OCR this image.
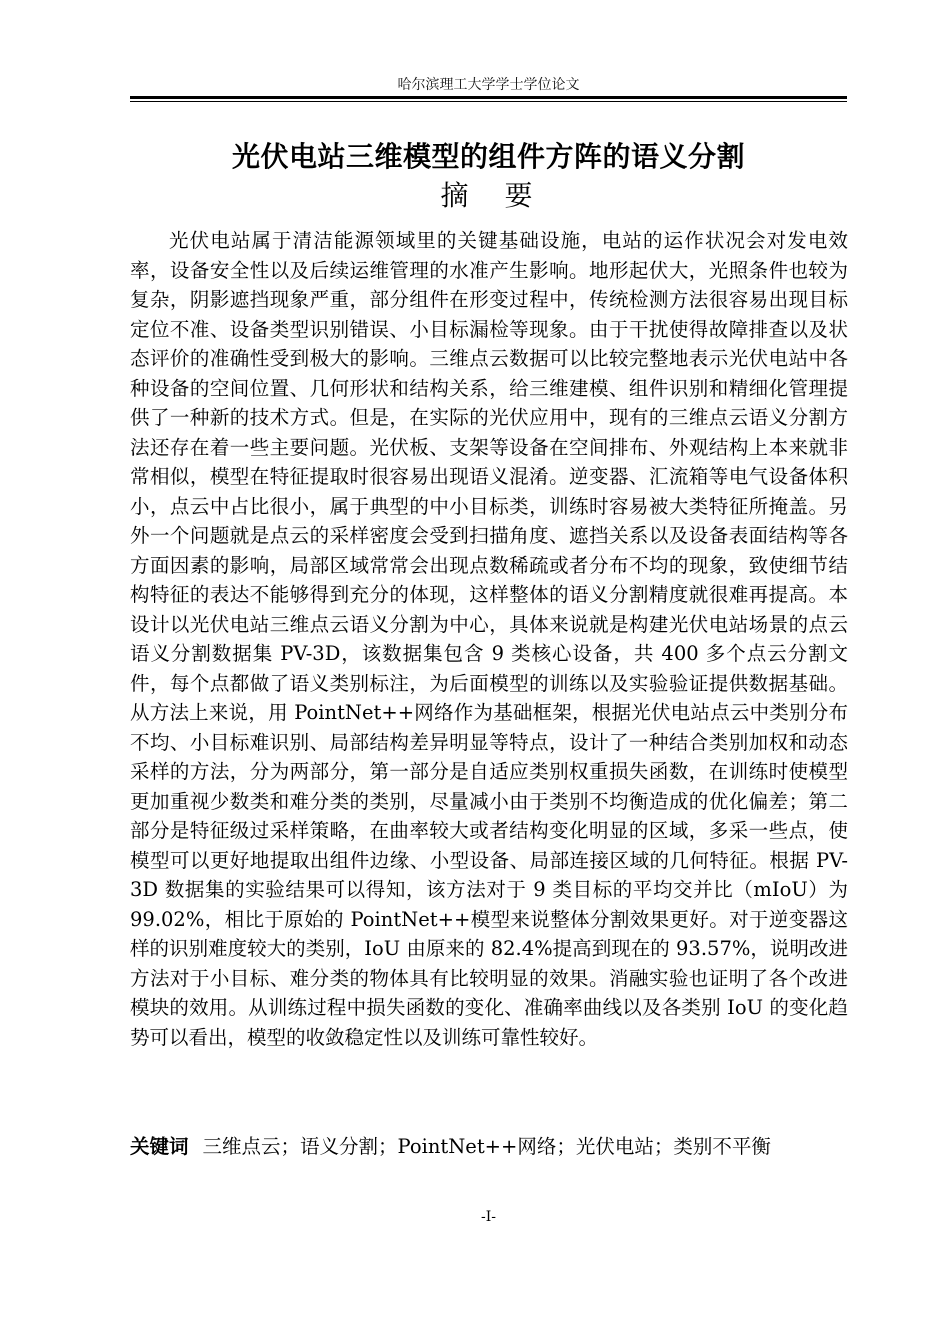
哈尔滨理工大学学士学位论文
光伏电站三维模型的组件方阵的语义分割
摘　要

光伏电站属于清洁能源领域里的关键基础设施，电站的运作状况会对发电效率，设备安全性以及后续运维管理的水准产生影响。地形起伏大，光照条件也较为复杂，阴影遮挡现象严重，部分组件在形变过程中，传统检测方法很容易出现目标定位不准、设备类型识别错误、小目标漏检等现象。由于干扰使得故障排查以及状态评价的准确性受到极大的影响。三维点云数据可以比较完整地表示光伏电站中各种设备的空间位置、几何形状和结构关系，给三维建模、组件识别和精细化管理提供了一种新的技术方式。但是，在实际的光伏应用中，现有的三维点云语义分割方法还存在着一些主要问题。光伏板、支架等设备在空间排布、外观结构上本来就非常相似，模型在特征提取时很容易出现语义混淆。逆变器、汇流箱等电气设备体积小，点云中占比很小，属于典型的中小目标类，训练时容易被大类特征所掩盖。另外一个问题就是点云的采样密度会受到扫描角度、遮挡关系以及设备表面结构等各方面因素的影响，局部区域常常会出现点数稀疏或者分布不均的现象，致使细节结构特征的表达不能够得到充分的体现，这样整体的语义分割精度就很难再提高。本设计以光伏电站三维点云语义分割为中心，具体来说就是构建光伏电站场景的点云语义分割数据集 PV-3D，该数据集包含 9 类核心设备，共 400 多个点云分割文件，每个点都做了语义类别标注，为后面模型的训练以及实验验证提供数据基础。从方法上来说，用 PointNet++网络作为基础框架，根据光伏电站点云中类别分布不均、小目标难识别、局部结构差异明显等特点，设计了一种结合类别加权和动态采样的方法，分为两部分，第一部分是自适应类别权重损失函数，在训练时使模型更加重视少数类和难分类的类别，尽量减小由于类别不均衡造成的优化偏差；第二部分是特征级过采样策略，在曲率较大或者结构变化明显的区域，多采一些点，使模型可以更好地提取出组件边缘、小型设备、局部连接区域的几何特征。根据 PV-3D 数据集的实验结果可以得知，该方法对于 9 类目标的平均交并比（mIoU）为 99.02%，相比于原始的 PointNet++模型来说整体分割效果更好。对于逆变器这样的识别难度较大的类别，IoU 由原来的 82.4%提高到现在的 93.57%，说明改进方法对于小目标、难分类的物体具有比较明显的效果。消融实验也证明了各个改进模块的效用。从训练过程中损失函数的变化、准确率曲线以及各类别 IoU 的变化趋势可以看出，模型的收敛稳定性以及训练可靠性较好。

关键词 三维点云；语义分割；PointNet++网络；光伏电站；类别不平衡

-I-
